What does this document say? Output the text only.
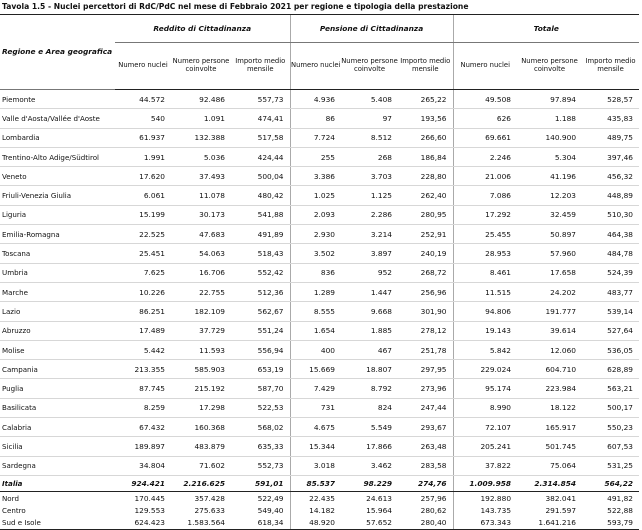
Tavola 1.5 - Nuclei percettori di RdC/PdC nel mese di Febbraio 2021 per regione e tipologia della prestazione
Regione e Area geografica	Reddito di Cittadinanza			Pensione di Cittadinanza			Totale		
	Numero nuclei	Numero persone coinvolte	Importo medio mensile	Numero nuclei	Numero persone coinvolte	Importo medio mensile	Numero nuclei	Numero persone coinvolte	Importo medio mensile
Piemonte	44.572	92.486	557,73	4.936	5.408	265,22	49.508	97.894	528,57
Valle d'Aosta/Vallée d'Aoste	540	1.091	474,41	86	97	193,56	626	1.188	435,83
Lombardia	61.937	132.388	517,58	7.724	8.512	266,60	69.661	140.900	489,75
Trentino-Alto Adige/Südtirol	1.991	5.036	424,44	255	268	186,84	2.246	5.304	397,46
Veneto	17.620	37.493	500,04	3.386	3.703	228,80	21.006	41.196	456,32
Friuli-Venezia Giulia	6.061	11.078	480,42	1.025	1.125	262,40	7.086	12.203	448,89
Liguria	15.199	30.173	541,88	2.093	2.286	280,95	17.292	32.459	510,30
Emilia-Romagna	22.525	47.683	491,89	2.930	3.214	252,91	25.455	50.897	464,38
Toscana	25.451	54.063	518,43	3.502	3.897	240,19	28.953	57.960	484,78
Umbria	7.625	16.706	552,42	836	952	268,72	8.461	17.658	524,39
Marche	10.226	22.755	512,36	1.289	1.447	256,96	11.515	24.202	483,77
Lazio	86.251	182.109	562,67	8.555	9.668	301,90	94.806	191.777	539,14
Abruzzo	17.489	37.729	551,24	1.654	1.885	278,12	19.143	39.614	527,64
Molise	5.442	11.593	556,94	400	467	251,78	5.842	12.060	536,05
Campania	213.355	585.903	653,19	15.669	18.807	297,95	229.024	604.710	628,89
Puglia	87.745	215.192	587,70	7.429	8.792	273,96	95.174	223.984	563,21
Basilicata	8.259	17.298	522,53	731	824	247,44	8.990	18.122	500,17
Calabria	67.432	160.368	568,02	4.675	5.549	293,67	72.107	165.917	550,23
Sicilia	189.897	483.879	635,33	15.344	17.866	263,48	205.241	501.745	607,53
Sardegna	34.804	71.602	552,73	3.018	3.462	283,58	37.822	75.064	531,25
Italia	924.421	2.216.625	591,01	85.537	98.229	274,76	1.009.958	2.314.854	564,22
Nord	170.445	357.428	522,49	22.435	24.613	257,96	192.880	382.041	491,82
Centro	129.553	275.633	549,40	14.182	15.964	280,62	143.735	291.597	522,88
Sud e Isole	624.423	1.583.564	618,34	48.920	57.652	280,40	673.343	1.641.216	593,79
